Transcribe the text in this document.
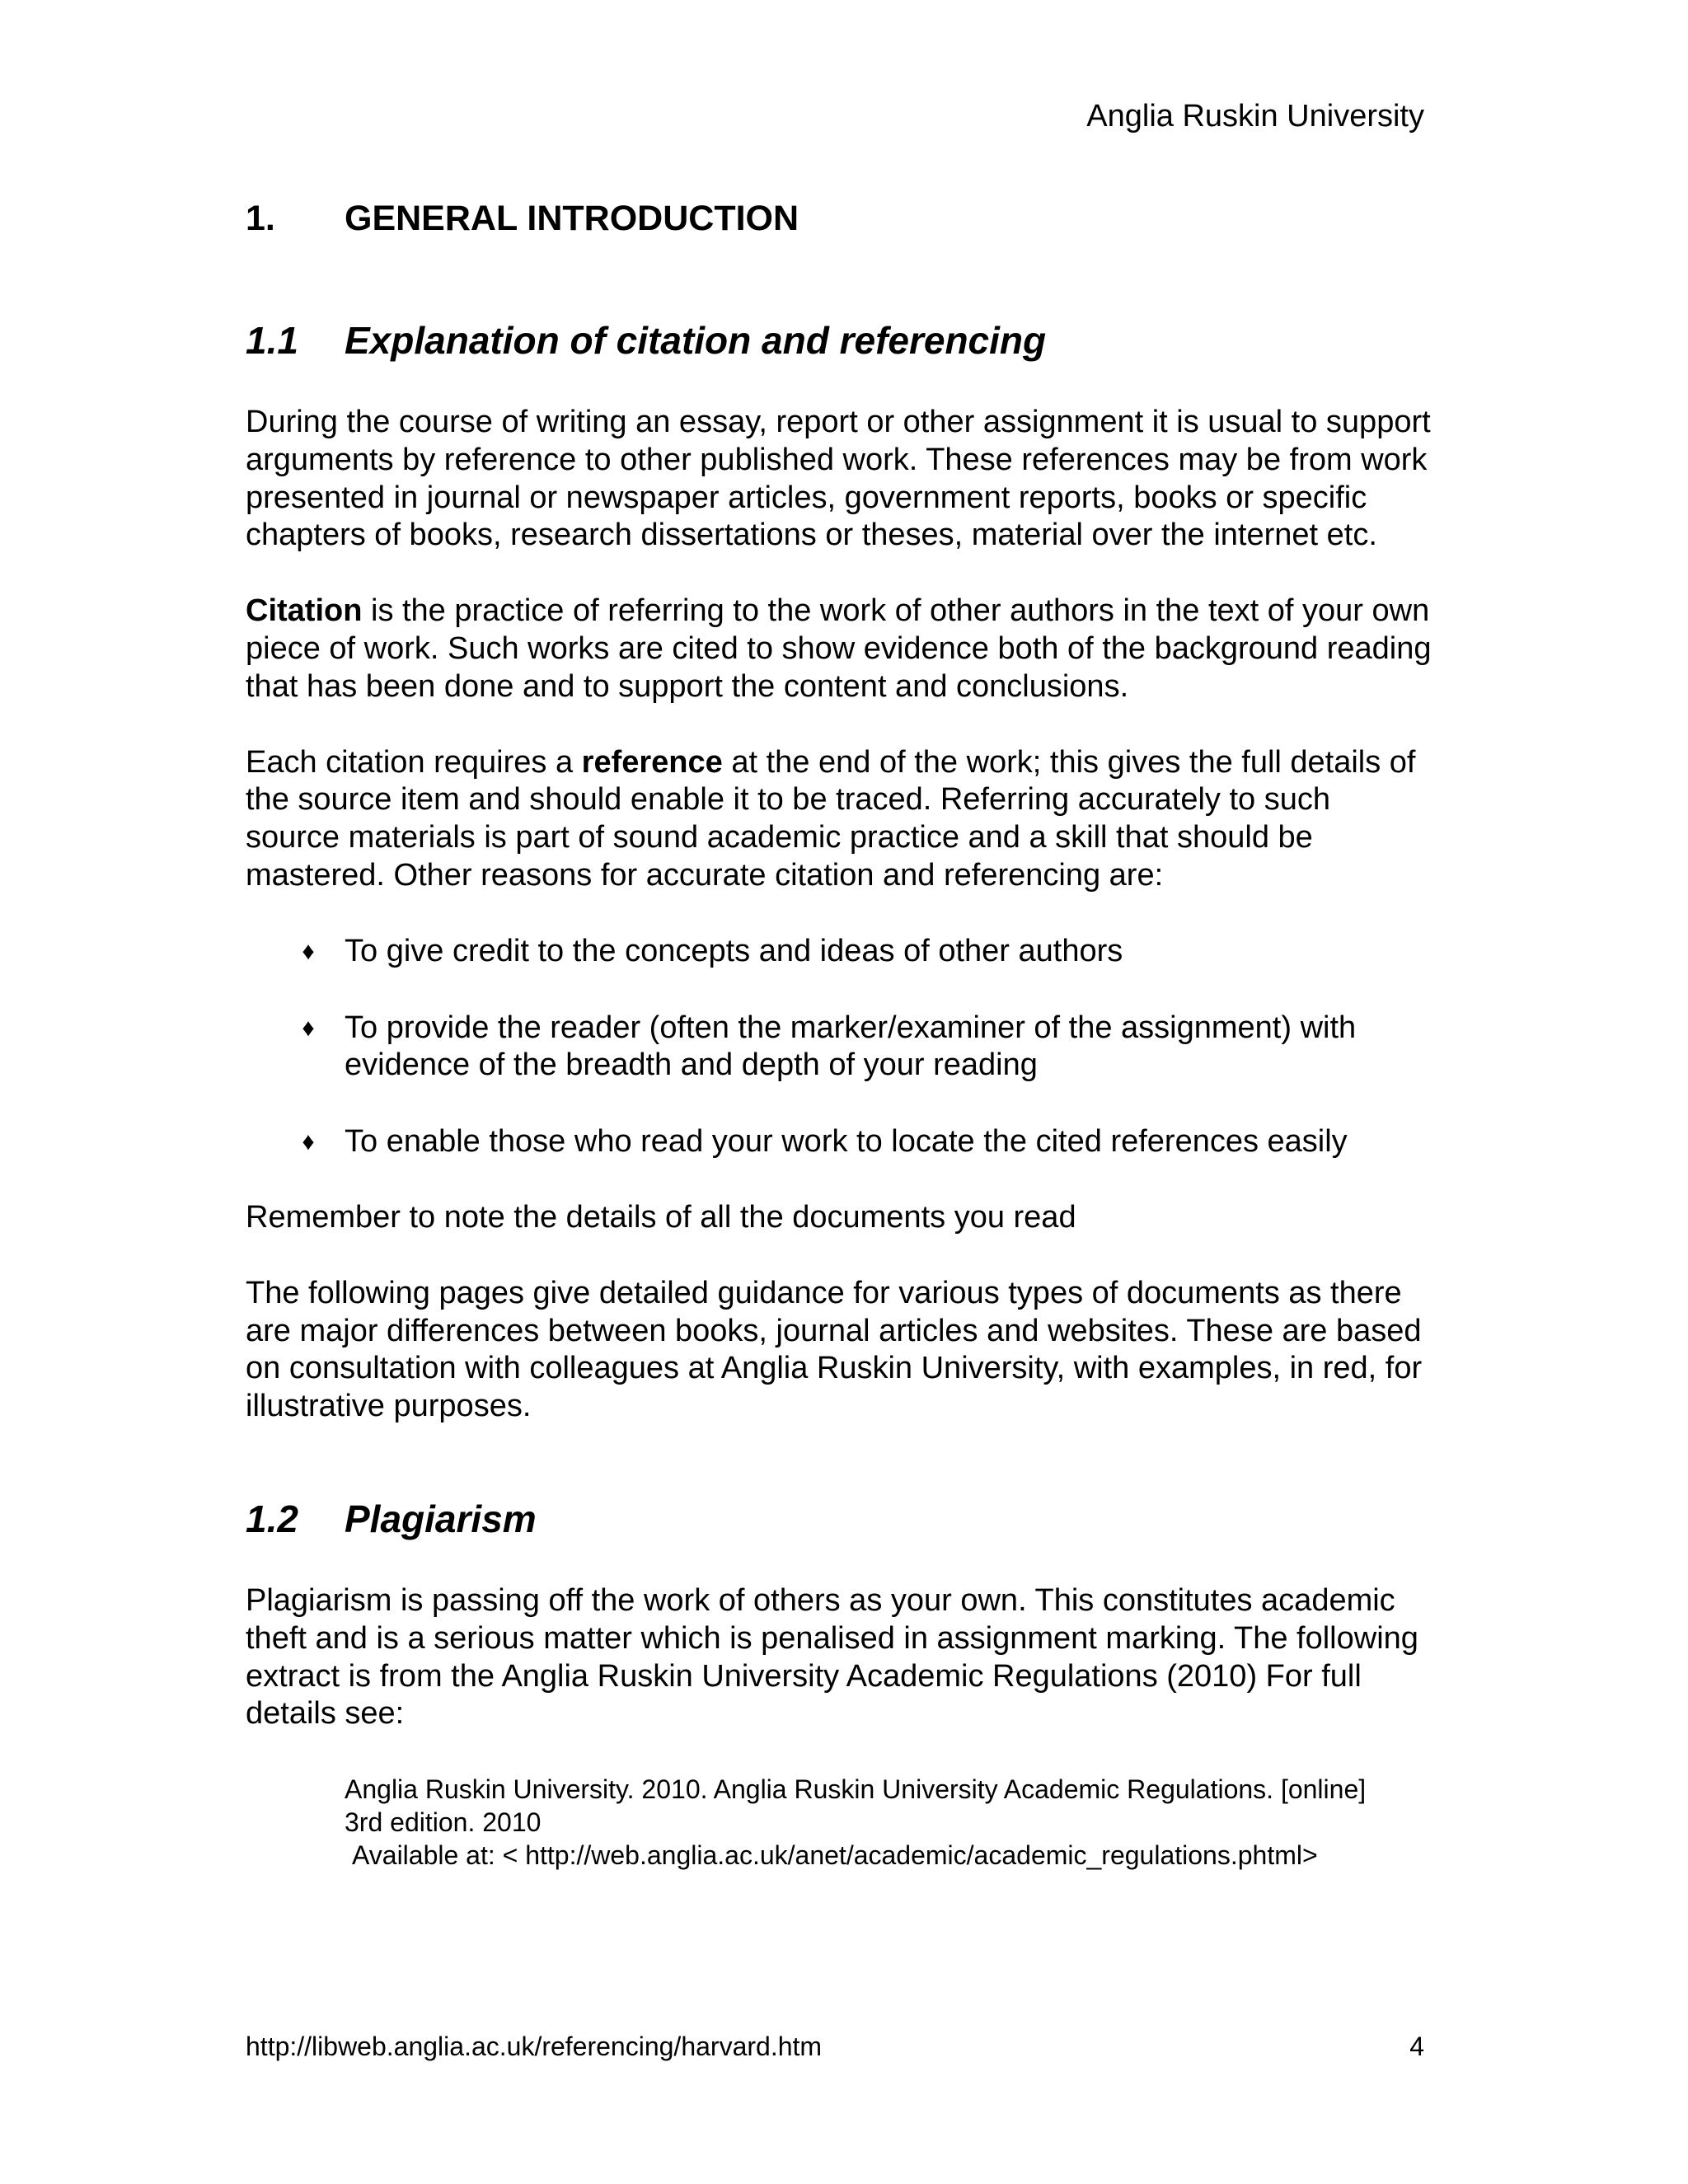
Anglia Ruskin University
1.	GENERAL INTRODUCTION
1.1	Explanation of citation and referencing

During the course of writing an essay, report or other assignment it is usual to support arguments by reference to other published work. These references may be from work presented in journal or newspaper articles, government reports, books or specific chapters of books, research dissertations or theses, material over the internet etc.

Citation is the practice of referring to the work of other authors in the text of your own piece of work. Such works are cited to show evidence both of the background reading that has been done and to support the content and conclusions.

Each citation requires a reference at the end of the work; this gives the full details of the source item and should enable it to be traced. Referring accurately to such source materials is part of sound academic practice and a skill that should be mastered. Other reasons for accurate citation and referencing are:

♦ To give credit to the concepts and ideas of other authors
♦ To provide the reader (often the marker/examiner of the assignment) with evidence of the breadth and depth of your reading
♦ To enable those who read your work to locate the cited references easily

Remember to note the details of all the documents you read

The following pages give detailed guidance for various types of documents as there are major differences between books, journal articles and websites. These are based on consultation with colleagues at Anglia Ruskin University, with examples, in red, for illustrative purposes.

1.2	Plagiarism

Plagiarism is passing off the work of others as your own. This constitutes academic theft and is a serious matter which is penalised in assignment marking. The following extract is from the Anglia Ruskin University Academic Regulations (2010) For full details see:

Anglia Ruskin University. 2010. Anglia Ruskin University Academic Regulations. [online]
3rd edition. 2010
Available at: < http://web.anglia.ac.uk/anet/academic/academic_regulations.phtml>
http://libweb.anglia.ac.uk/referencing/harvard.htm	4
